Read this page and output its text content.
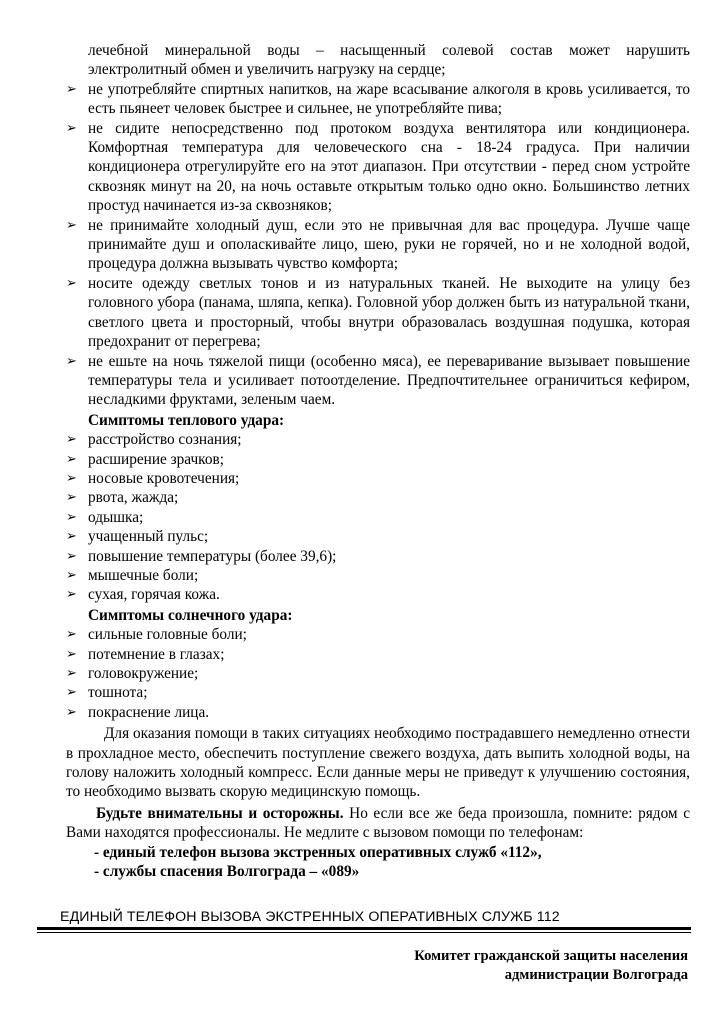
лечебной минеральной воды – насыщенный солевой состав может нарушить электролитный обмен и увеличить нагрузку на сердце;
➢ не употребляйте спиртных напитков, на жаре всасывание алкоголя в кровь усиливается, то есть пьянеет человек быстрее и сильнее, не употребляйте пива;
➢ не сидите непосредственно под протоком воздуха вентилятора или кондиционера. Комфортная температура для человеческого сна - 18-24 градуса. При наличии кондиционера отрегулируйте его на этот диапазон. При отсутствии - перед сном устройте сквозняк минут на 20, на ночь оставьте открытым только одно окно. Большинство летних простуд начинается из-за сквозняков;
➢ не принимайте холодный душ, если это не привычная для вас процедура. Лучше чаще принимайте душ и ополаскивайте лицо, шею, руки не горячей, но и не холодной водой, процедура должна вызывать чувство комфорта;
➢ носите одежду светлых тонов и из натуральных тканей. Не выходите на улицу без головного убора (панама, шляпа, кепка). Головной убор должен быть из натуральной ткани, светлого цвета и просторный, чтобы внутри образовалась воздушная подушка, которая предохранит от перегрева;
➢ не ешьте на ночь тяжелой пищи (особенно мяса), ее переваривание вызывает повышение температуры тела и усиливает потоотделение. Предпочтительнее ограничиться кефиром, несладкими фруктами, зеленым чаем.
Симптомы теплового удара:
➢ расстройство сознания;
➢ расширение зрачков;
➢ носовые кровотечения;
➢ рвота, жажда;
➢ одышка;
➢ учащенный пульс;
➢ повышение температуры (более 39,6);
➢ мышечные боли;
➢ сухая, горячая кожа.
Симптомы солнечного удара:
➢ сильные головные боли;
➢ потемнение в глазах;
➢ головокружение;
➢ тошнота;
➢ покраснение лица.
Для оказания помощи в таких ситуациях необходимо пострадавшего немедленно отнести в прохладное место, обеспечить поступление свежего воздуха, дать выпить холодной воды, на голову наложить холодный компресс. Если данные меры не приведут к улучшению состояния, то необходимо вызвать скорую медицинскую помощь.
Будьте внимательны и осторожны. Но если все же беда произошла, помните: рядом с Вами находятся профессионалы. Не медлите с вызовом помощи по телефонам:
- единый телефон вызова экстренных оперативных служб «112»,
- службы спасения Волгограда – «089»
ЕДИНЫЙ ТЕЛЕФОН ВЫЗОВА ЭКСТРЕННЫХ ОПЕРАТИВНЫХ СЛУЖБ 112
Комитет гражданской защиты населения
администрации Волгограда
